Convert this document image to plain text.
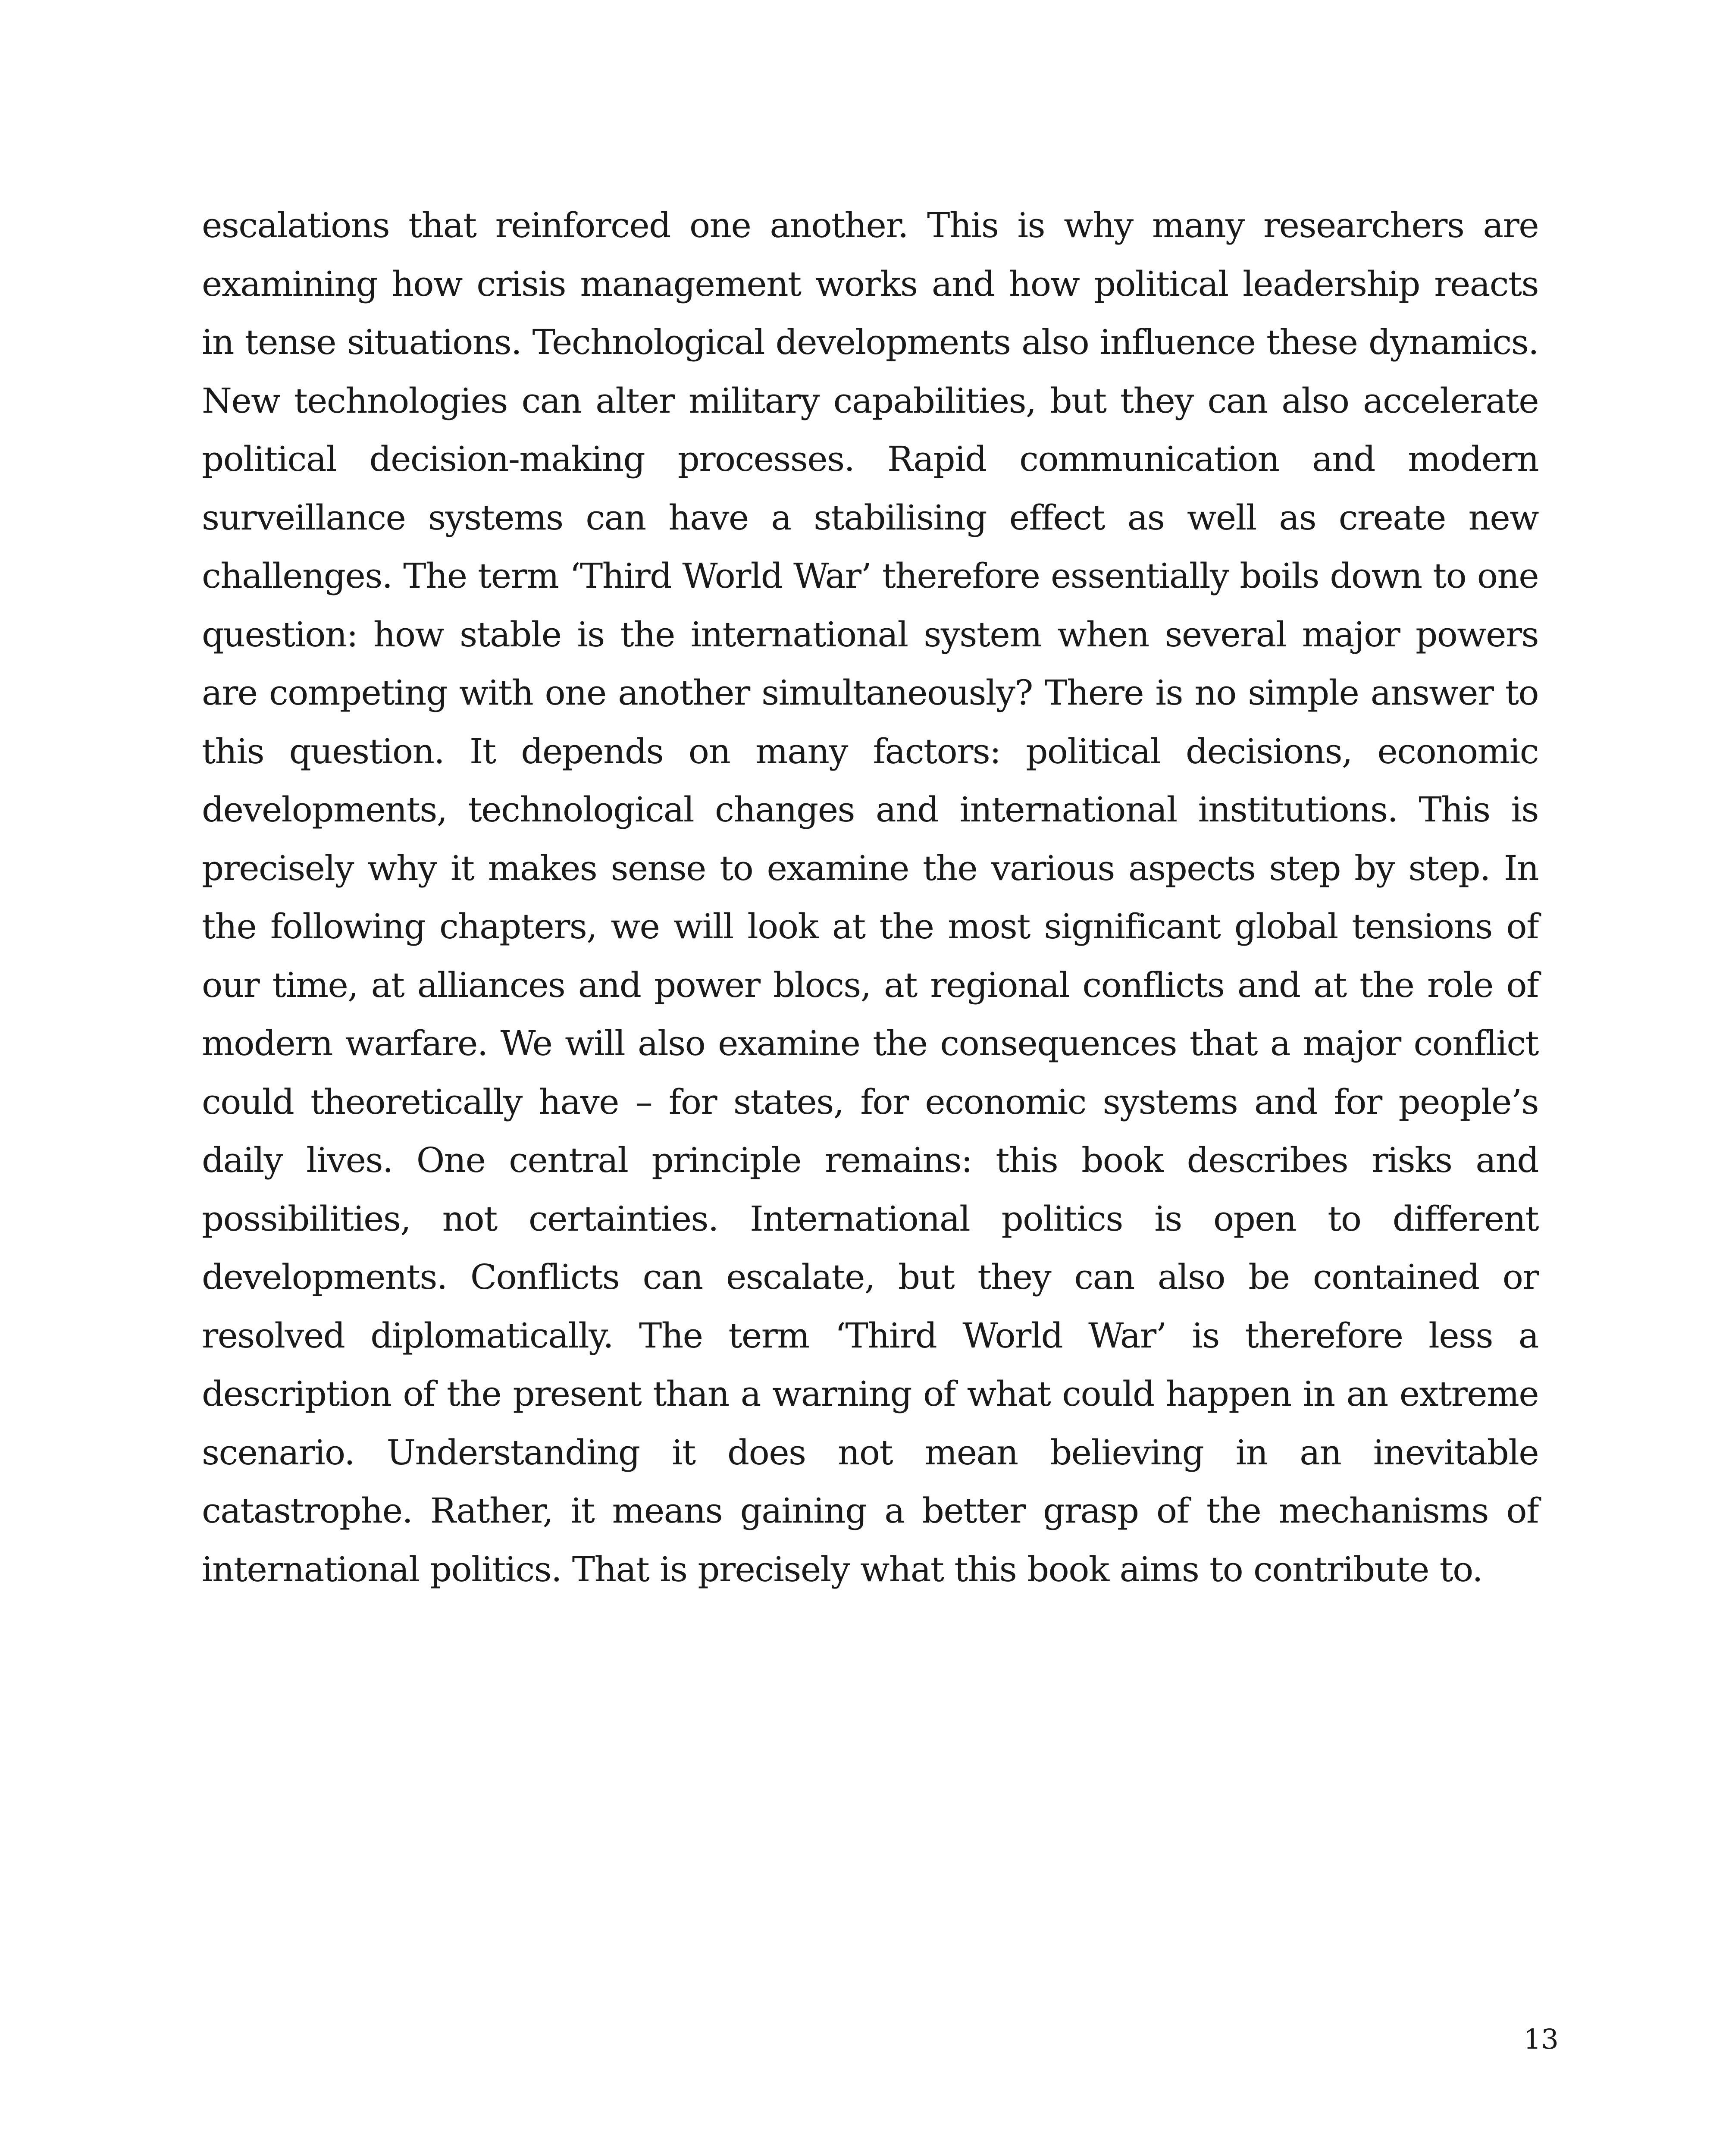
escalations that reinforced one another. This is why many researchers are examining how crisis management works and how political leadership reacts in tense situations. Technological developments also influence these dynamics. New technologies can alter military capabilities, but they can also accelerate political decision-making processes. Rapid communication and modern surveillance systems can have a stabilising effect as well as create new challenges. The term ‘Third World War’ therefore essentially boils down to one question: how stable is the international system when several major powers are competing with one another simultaneously? There is no simple answer to this question. It depends on many factors: political decisions, economic developments, technological changes and international institutions. This is precisely why it makes sense to examine the various aspects step by step. In the following chapters, we will look at the most significant global tensions of our time, at alliances and power blocs, at regional conflicts and at the role of modern warfare. We will also examine the consequences that a major conflict could theoretically have – for states, for economic systems and for people’s daily lives. One central principle remains: this book describes risks and possibilities, not certainties. International politics is open to different developments. Conflicts can escalate, but they can also be contained or resolved diplomatically. The term ‘Third World War’ is therefore less a description of the present than a warning of what could happen in an extreme scenario. Understanding it does not mean believing in an inevitable catastrophe. Rather, it means gaining a better grasp of the mechanisms of international politics. That is precisely what this book aims to contribute to.

13
